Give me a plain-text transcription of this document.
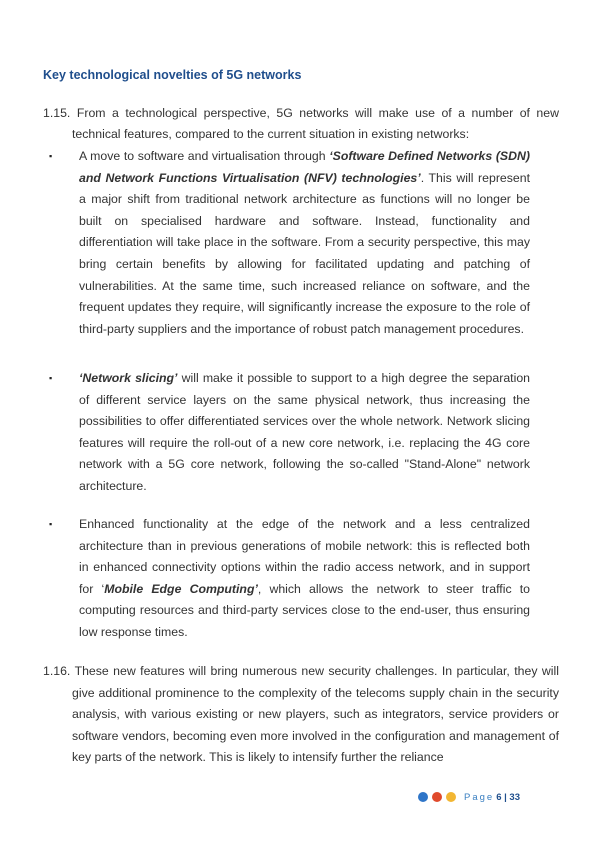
Key technological novelties of 5G networks
1.15. From a technological perspective, 5G networks will make use of a number of new technical features, compared to the current situation in existing networks:
▪	A move to software and virtualisation through ‘Software Defined Networks (SDN) and Network Functions Virtualisation (NFV) technologies’. This will represent a major shift from traditional network architecture as functions will no longer be built on specialised hardware and software. Instead, functionality and differentiation will take place in the software. From a security perspective, this may bring certain benefits by allowing for facilitated updating and patching of vulnerabilities. At the same time, such increased reliance on software, and the frequent updates they require, will significantly increase the exposure to the role of third-party suppliers and the importance of robust patch management procedures.
▪ ‘Network slicing’ will make it possible to support to a high degree the separation of different service layers on the same physical network, thus increasing the possibilities to offer differentiated services over the whole network. Network slicing features will require the roll-out of a new core network, i.e. replacing the 4G core network with a 5G core network, following the so-called "Stand-Alone" network architecture.
▪ Enhanced functionality at the edge of the network and a less centralized architecture than in previous generations of mobile network: this is reflected both in enhanced connectivity options within the radio access network, and in support for ‘Mobile Edge Computing’, which allows the network to steer traffic to computing resources and third-party services close to the end-user, thus ensuring low response times.
1.16. These new features will bring numerous new security challenges. In particular, they will give additional prominence to the complexity of the telecoms supply chain in the security analysis, with various existing or new players, such as integrators, service providers or software vendors, becoming even more involved in the configuration and management of key parts of the network. This is likely to intensify further the reliance
Page 6 | 33
